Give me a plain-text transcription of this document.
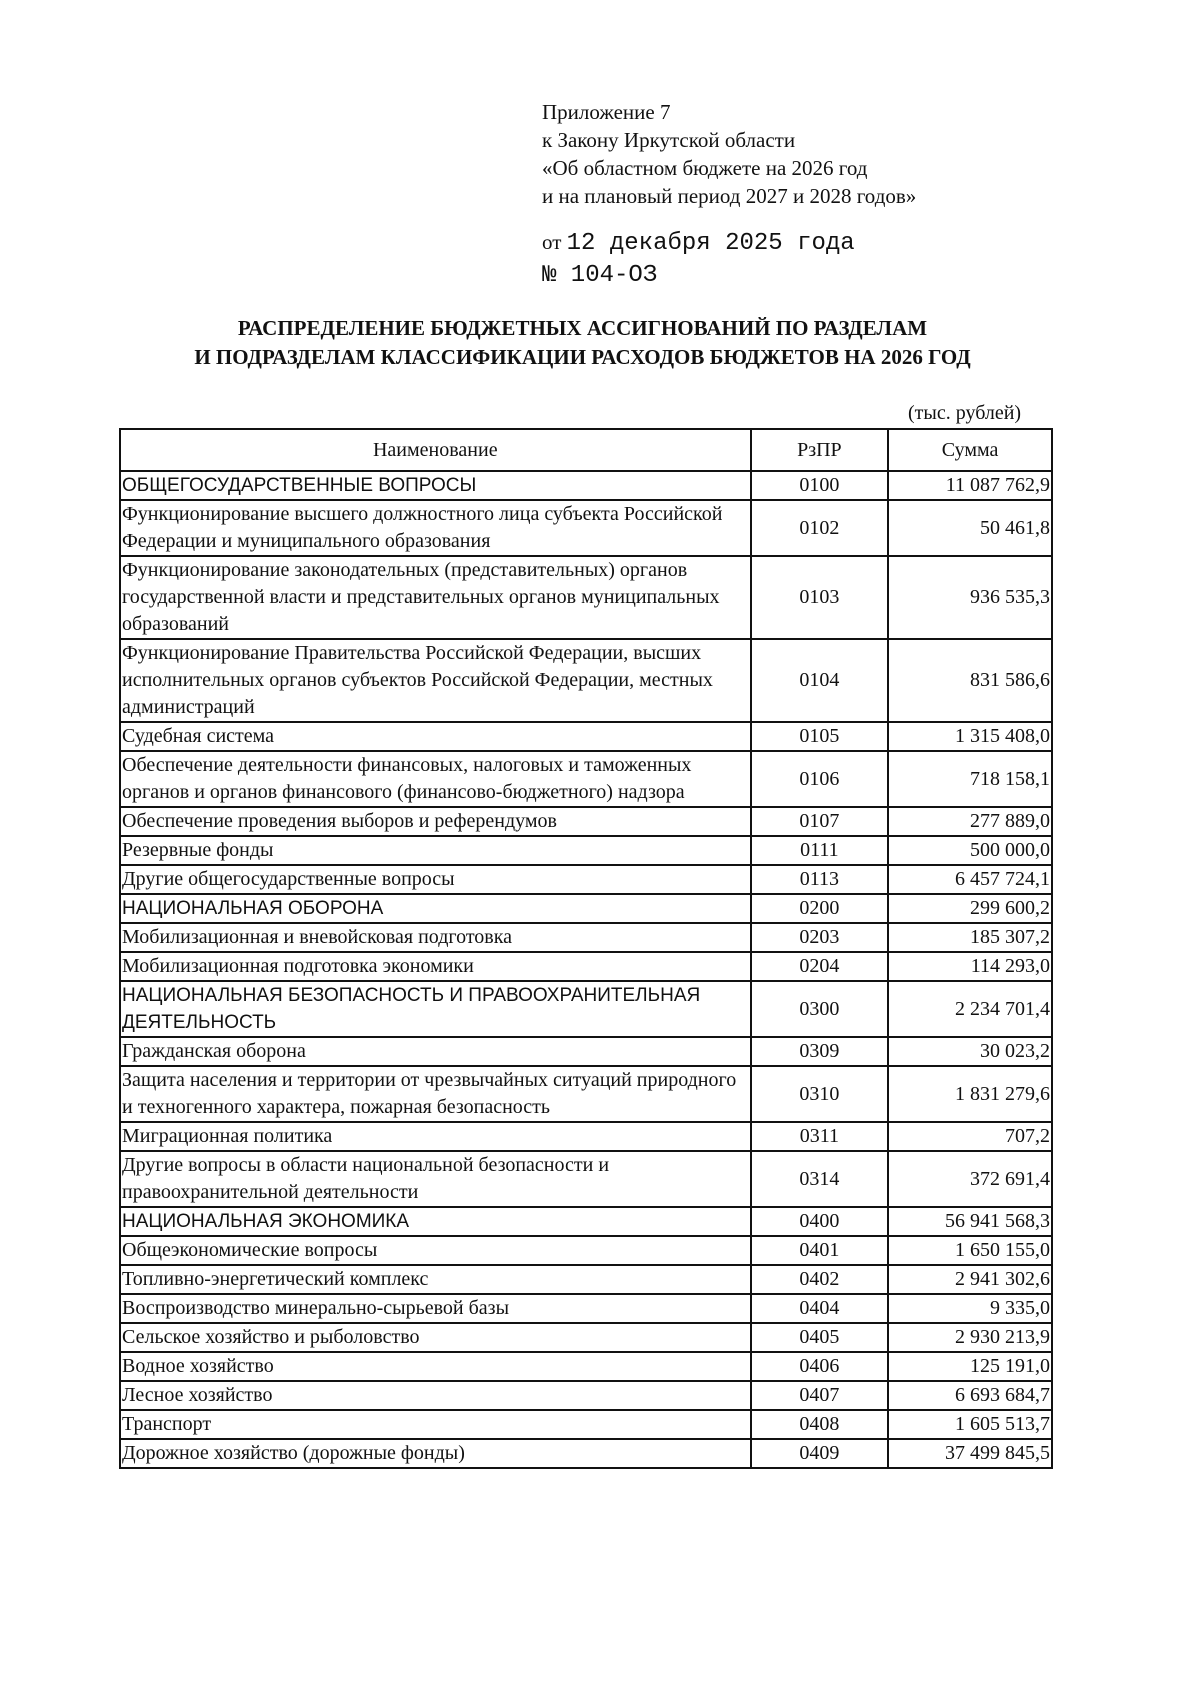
Приложение 7
к Закону Иркутской области
«Об областном бюджете на 2026 год
и на плановый период 2027 и 2028 годов»
от 12 декабря 2025 года
№ 104-ОЗ
РАСПРЕДЕЛЕНИЕ БЮДЖЕТНЫХ АССИГНОВАНИЙ ПО РАЗДЕЛАМ
И ПОДРАЗДЕЛАМ КЛАССИФИКАЦИИ РАСХОДОВ БЮДЖЕТОВ НА 2026 ГОД
(тыс. рублей)
Наименование	РзПР	Сумма
ОБЩЕГОСУДАРСТВЕННЫЕ ВОПРОСЫ	0100	11 087 762,9
Функционирование высшего должностного лица субъекта Российской Федерации и муниципального образования	0102	50 461,8
Функционирование законодательных (представительных) органов государственной власти и представительных органов муниципальных образований	0103	936 535,3
Функционирование Правительства Российской Федерации, высших исполнительных органов субъектов Российской Федерации, местных администраций	0104	831 586,6
Судебная система	0105	1 315 408,0
Обеспечение деятельности финансовых, налоговых и таможенных органов и органов финансового (финансово-бюджетного) надзора	0106	718 158,1
Обеспечение проведения выборов и референдумов	0107	277 889,0
Резервные фонды	0111	500 000,0
Другие общегосударственные вопросы	0113	6 457 724,1
НАЦИОНАЛЬНАЯ ОБОРОНА	0200	299 600,2
Мобилизационная и вневойсковая подготовка	0203	185 307,2
Мобилизационная подготовка экономики	0204	114 293,0
НАЦИОНАЛЬНАЯ БЕЗОПАСНОСТЬ И ПРАВООХРАНИТЕЛЬНАЯ ДЕЯТЕЛЬНОСТЬ	0300	2 234 701,4
Гражданская оборона	0309	30 023,2
Защита населения и территории от чрезвычайных ситуаций природного и техногенного характера, пожарная безопасность	0310	1 831 279,6
Миграционная политика	0311	707,2
Другие вопросы в области национальной безопасности и правоохранительной деятельности	0314	372 691,4
НАЦИОНАЛЬНАЯ ЭКОНОМИКА	0400	56 941 568,3
Общеэкономические вопросы	0401	1 650 155,0
Топливно-энергетический комплекс	0402	2 941 302,6
Воспроизводство минерально-сырьевой базы	0404	9 335,0
Сельское хозяйство и рыболовство	0405	2 930 213,9
Водное хозяйство	0406	125 191,0
Лесное хозяйство	0407	6 693 684,7
Транспорт	0408	1 605 513,7
Дорожное хозяйство (дорожные фонды)	0409	37 499 845,5
